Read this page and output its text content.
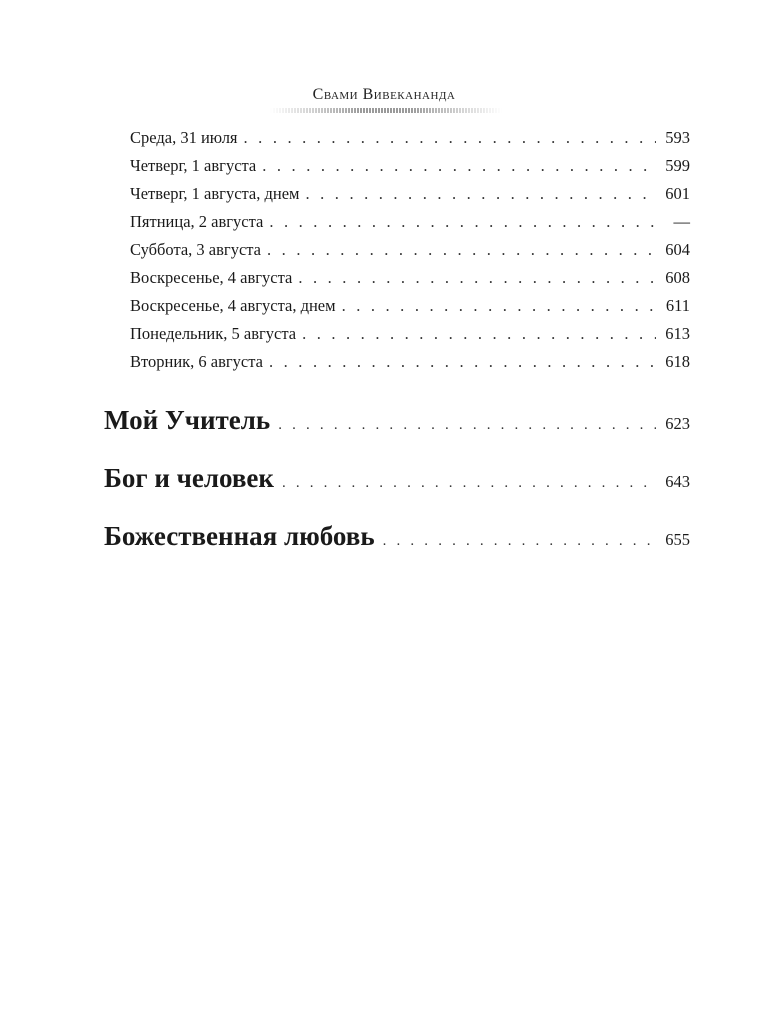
Свами Вивекананда
Среда, 31 июля . . .	593
Четверг, 1 августа . . .	599
Четверг, 1 августа, днем . . .	601
Пятница, 2 августа . . .	—
Суббота, 3 августа . . .	604
Воскресенье, 4 августа . . .	608
Воскресенье, 4 августа, днем . . .	611
Понедельник, 5 августа . . .	613
Вторник, 6 августа . . .	618
Мой Учитель . . .	623
Бог и человек . . .	643
Божественная любовь . . .	655
